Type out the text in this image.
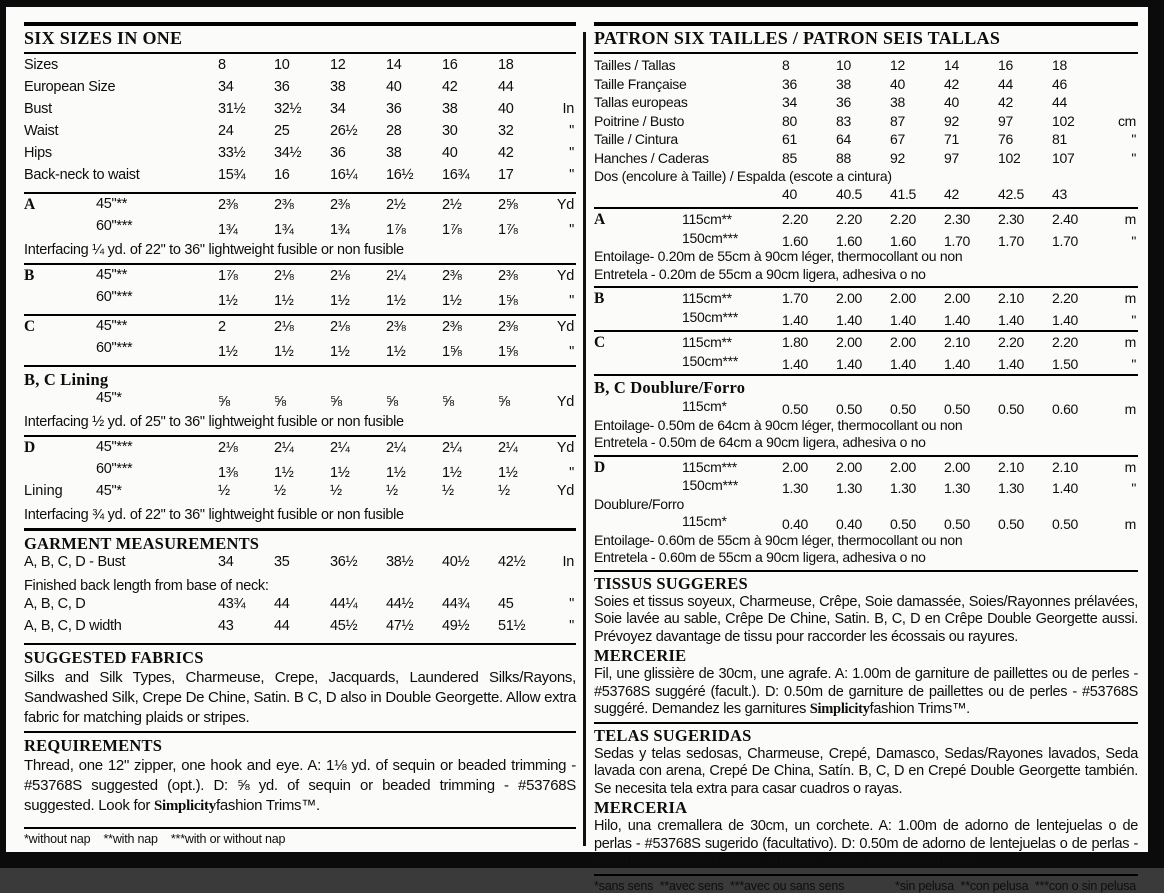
SIX SIZES IN ONE
Sizes	8	10	12	14	16	18
European Size	34	36	38	40	42	44
Bust	31½	32½	34	36	38	40	In
Waist	24	25	26½	28	30	32	"
Hips	33½	34½	36	38	40	42	"
Back-neck to waist	15¾	16	16¼	16½	16¾	17	"
A	45"**	2⅜	2⅜	2⅜	2½	2½	2⅝	Yd
60"***	1¾	1¾	1¾	1⅞	1⅞	1⅞	"
Interfacing ¼ yd. of 22" to 36" lightweight fusible or non fusible
B	45"**	1⅞	2⅛	2⅛	2¼	2⅜	2⅜	Yd
60"***	1½	1½	1½	1½	1½	1⅝	"
C	45"**	2	2⅛	2⅛	2⅜	2⅜	2⅜	Yd
60"***	1½	1½	1½	1½	1⅝	1⅝	"
B, C Lining
45"*	⅝	⅝	⅝	⅝	⅝	⅝	Yd
Interfacing ½ yd. of 25" to 36" lightweight fusible or non fusible
D	45"***	2⅛	2¼	2¼	2¼	2¼	2¼	Yd
60"***	1⅜	1½	1½	1½	1½	1½	"
Lining	45"*	½	½	½	½	½	½	Yd
Interfacing ¾ yd. of 22" to 36" lightweight fusible or non fusible
GARMENT MEASUREMENTS
A, B, C, D - Bust	34	35	36½	38½	40½	42½	In
Finished back length from base of neck:
A, B, C, D	43¾	44	44¼	44½	44¾	45	"
A, B, C, D width	43	44	45½	47½	49½	51½	"
SUGGESTED FABRICS
Silks and Silk Types, Charmeuse, Crepe, Jacquards, Laundered Silks/Rayons, Sandwashed Silk, Crepe De Chine, Satin. B C, D also in Double Georgette. Allow extra fabric for matching plaids or stripes.
REQUIREMENTS
Thread, one 12" zipper, one hook and eye. A: 1⅛ yd. of sequin or beaded trimming - #53768S suggested (opt.). D: ⅝ yd. of sequin or beaded trimming - #53768S suggested. Look for Simplicityfashion Trims™.
*without nap    **with nap    ***with or without nap
PATRON SIX TAILLES / PATRON SEIS TALLAS
Tailles / Tallas	8	10	12	14	16	18
Taille Française	36	38	40	42	44	46
Tallas europeas	34	36	38	40	42	44
Poitrine / Busto	80	83	87	92	97	102	cm
Taille / Cintura	61	64	67	71	76	81	"
Hanches / Caderas	85	88	92	97	102	107	"
Dos (encolure à Taille) / Espalda (escote a cintura)
40	40.5	41.5	42	42.5	43
A	115cm**	2.20	2.20	2.20	2.30	2.30	2.40	m
150cm***	1.60	1.60	1.60	1.70	1.70	1.70	"
Entoilage- 0.20m de 55cm à 90cm léger, thermocollant ou non
Entretela - 0.20m de 55cm a 90cm ligera, adhesiva o no
B	115cm**	1.70	2.00	2.00	2.00	2.10	2.20	m
150cm***	1.40	1.40	1.40	1.40	1.40	1.40	"
C	115cm**	1.80	2.00	2.00	2.10	2.20	2.20	m
150cm***	1.40	1.40	1.40	1.40	1.40	1.50	"
B, C Doublure/Forro
115cm*	0.50	0.50	0.50	0.50	0.50	0.60	m
Entoilage- 0.50m de 64cm à 90cm léger, thermocollant ou non
Entretela - 0.50m de 64cm a 90cm ligera, adhesiva o no
D	115cm***	2.00	2.00	2.00	2.00	2.10	2.10	m
150cm***	1.30	1.30	1.30	1.30	1.30	1.40	"
Doublure/Forro
115cm*	0.40	0.40	0.50	0.50	0.50	0.50	m
Entoilage- 0.60m de 55cm à 90cm léger, thermocollant ou non
Entretela - 0.60m de 55cm a 90cm ligera, adhesiva o no
TISSUS SUGGERES
Soies et tissus soyeux, Charmeuse, Crêpe, Soie damassée, Soies/Rayonnes prélavées, Soie lavée au sable, Crêpe De Chine, Satin. B, C, D en Crêpe Double Georgette aussi. Prévoyez davantage de tissu pour raccorder les écossais ou rayures.
MERCERIE
Fil, une glissière de 30cm, une agrafe. A: 1.00m de garniture de paillettes ou de perles - #53768S suggéré (facult.). D: 0.50m de garniture de paillettes ou de perles - #53768S suggéré. Demandez les garnitures Simplicityfashion Trims™.
TELAS SUGERIDAS
Sedas y telas sedosas, Charmeuse, Crepé, Damasco, Sedas/Rayones lavados, Seda lavada con arena, Crepé De China, Satín. B, C, D en Crepé Double Georgette también. Se necesita tela extra para casar cuadros o rayas.
MERCERIA
Hilo, una cremallera de 30cm, un corchete. A: 1.00m de adorno de lentejuelas o de perlas - #53768S sugerido (facultativo). D: 0.50m de adorno de lentejuelas o de perlas - #53768S sugerido. Pida los adornos Simplicityfashion Trims™.
*sans sens  **avec sens  ***avec ou sans sens	*sin pelusa  **con pelusa  ***con o sin pelusa
